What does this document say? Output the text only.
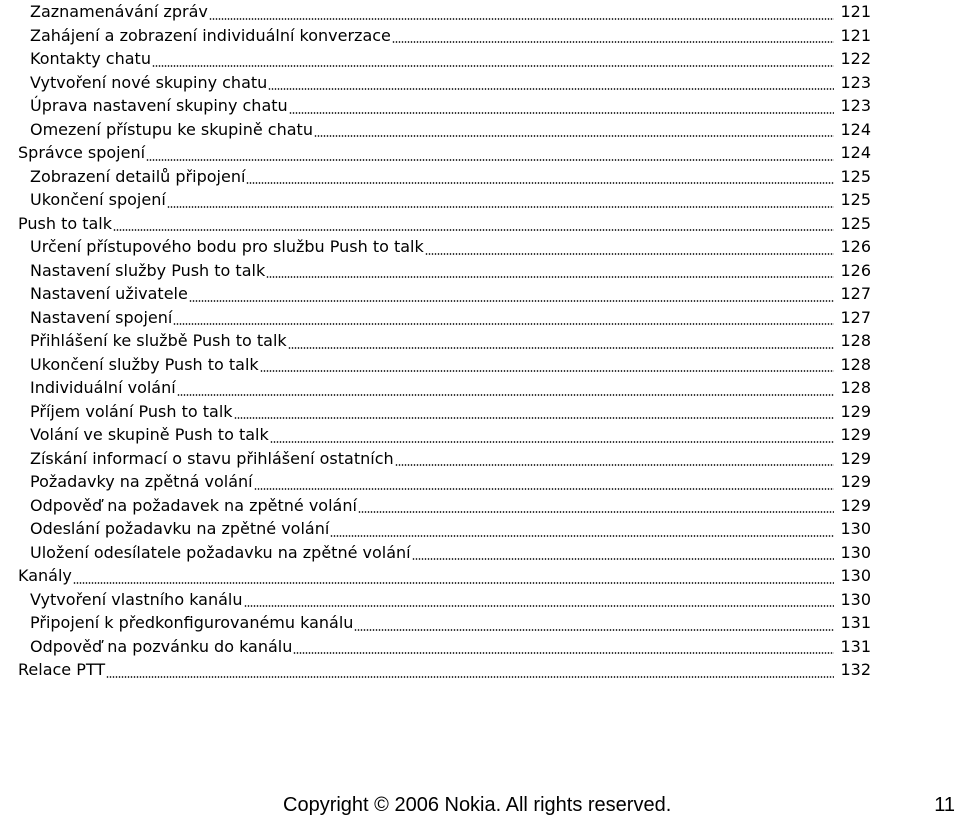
Zaznamenávání zpráv	121
Zahájení a zobrazení individuální konverzace	121
Kontakty chatu	122
Vytvoření nové skupiny chatu	123
Úprava nastavení skupiny chatu	123
Omezení přístupu ke skupině chatu	124
Správce spojení	124
Zobrazení detailů připojení	125
Ukončení spojení	125
Push to talk	125
Určení přístupového bodu pro službu Push to talk	126
Nastavení služby Push to talk	126
Nastavení uživatele	127
Nastavení spojení	127
Přihlášení ke službě Push to talk	128
Ukončení služby Push to talk	128
Individuální volání	128
Příjem volání Push to talk	129
Volání ve skupině Push to talk	129
Získání informací o stavu přihlášení ostatních	129
Požadavky na zpětná volání	129
Odpověď na požadavek na zpětné volání	129
Odeslání požadavku na zpětné volání	130
Uložení odesílatele požadavku na zpětné volání	130
Kanály	130
Vytvoření vlastního kanálu	130
Připojení k předkonfigurovanému kanálu	131
Odpověď na pozvánku do kanálu	131
Relace PTT	132
Copyright © 2006 Nokia. All rights reserved.	11
